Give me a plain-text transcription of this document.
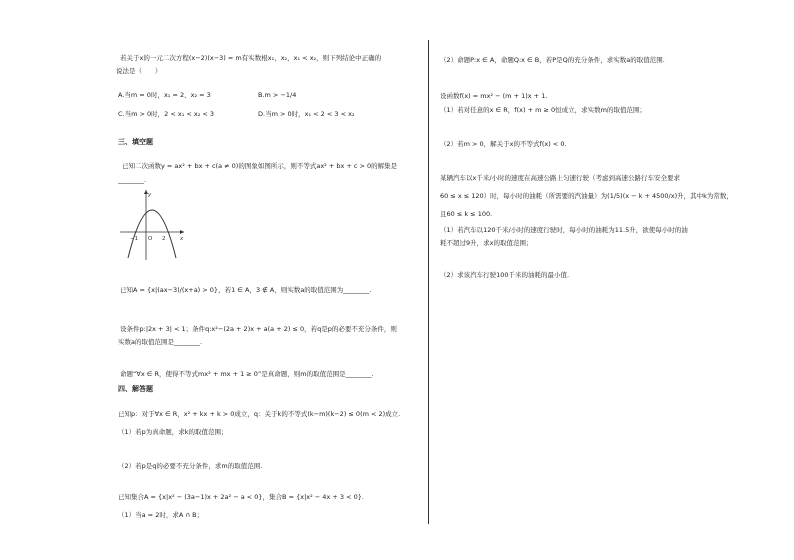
若关于x的一元二次方程(x−2)(x−3) = m有实数根x₁，x₂，x₁ < x₂，则下列结论中正确的
说法是（　　）
A.当m = 0时，x₁ = 2，x₂ = 3	B.m > −1/4
C.当m > 0时，2 < x₁ < x₂ < 3	D.当m > 0时，x₁ < 2 < 3 < x₂
三、填空题
已知二次函数y = ax² + bx + c(a ≠ 0)的图象如图所示，则不等式ax² + bx + c > 0的解集是
________.
−1 O 2	x
y
已知A = {x|(ax−3)/(x+a) > 0}，若1 ∈ A，3 ∉ A，则实数a的取值范围为________.
设条件p:|2x + 3| < 1；条件q:x²−(2a + 2)x + a(a + 2) ≤ 0，若q是p的必要不充分条件，则
实数a的取值范围是________.
命题“∀x ∈ R，使得不等式mx² + mx + 1 ≥ 0”是真命题，则m的取值范围是________.
四、解答题
已知p：对于∀x ∈ R，x² + kx + k > 0成立，q：关于k的不等式(k−m)(k−2) ≤ 0(m < 2)成立.
（1）若p为真命题，求k的取值范围；
（2）若p是q的必要不充分条件，求m的取值范围.
已知集合A = {x|x² − (3a−1)x + 2a² − a < 0}，集合B = {x|x² − 4x + 3 < 0}.
（1）当a = 2时，求A ∩ B；
（2）命题P:x ∈ A，命题Q:x ∈ B，若P是Q的充分条件，求实数a的取值范围.
设函数f(x) = mx² − (m + 1)x + 1.
（1）若对任意的x ∈ R，f(x) + m ≥ 0恒成立，求实数m的取值范围；
（2）若m > 0，解关于x的不等式f(x) < 0.
某辆汽车以x千米/小时的速度在高速公路上匀速行驶（考虑到高速公路行车安全要求
60 ≤ x ≤ 120）时，每小时的油耗（所需要的汽油量）为(1/5)(x − k + 4500/x)升，其中k为常数，
且60 ≤ k ≤ 100.
（1）若汽车以120千米/小时的速度行驶时，每小时的油耗为11.5升，欲使每小时的油
耗不超过9升，求x的取值范围；
（2）求该汽车行驶100千米的油耗的最小值.
